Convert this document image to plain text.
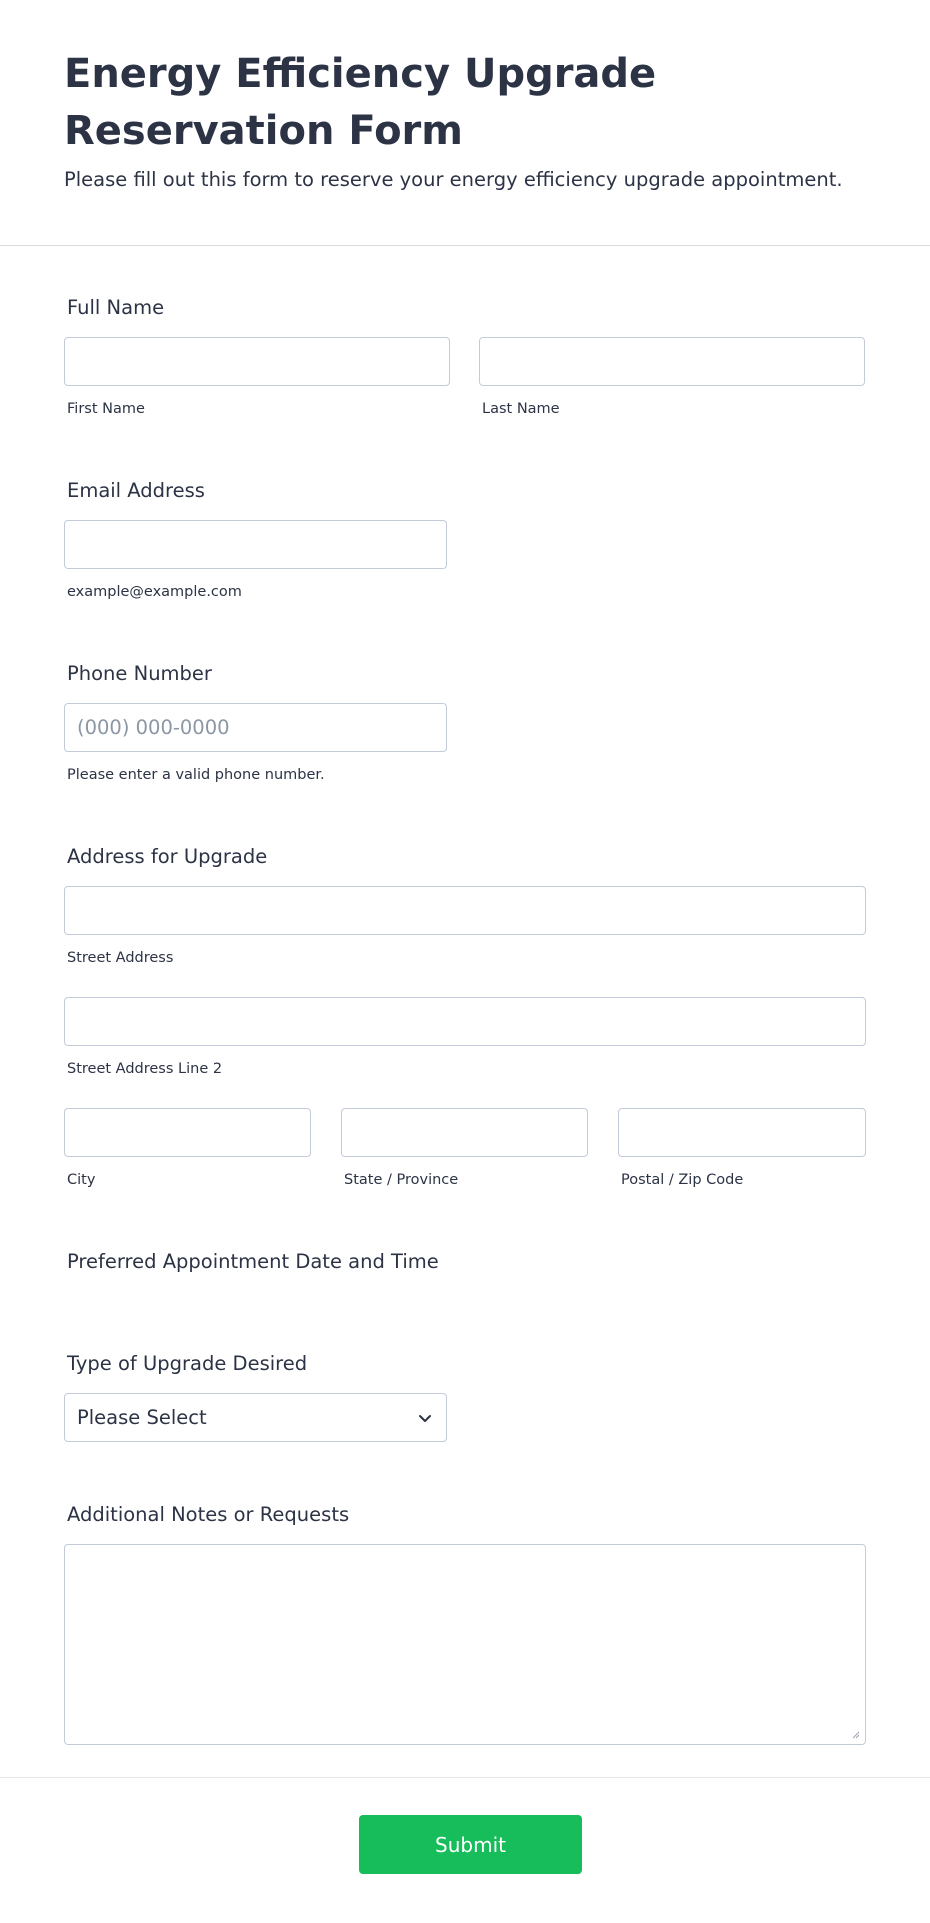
Energy Efficiency Upgrade Reservation Form

Please fill out this form to reserve your energy efficiency upgrade appointment.

Full Name

First Name	Last Name

Email Address

example@example.com

Phone Number

(000) 000-0000

Please enter a valid phone number.

Address for Upgrade

Street Address

Street Address Line 2

City	State / Province	Postal / Zip Code

Preferred Appointment Date and Time

Type of Upgrade Desired

Please Select

Additional Notes or Requests

Submit
